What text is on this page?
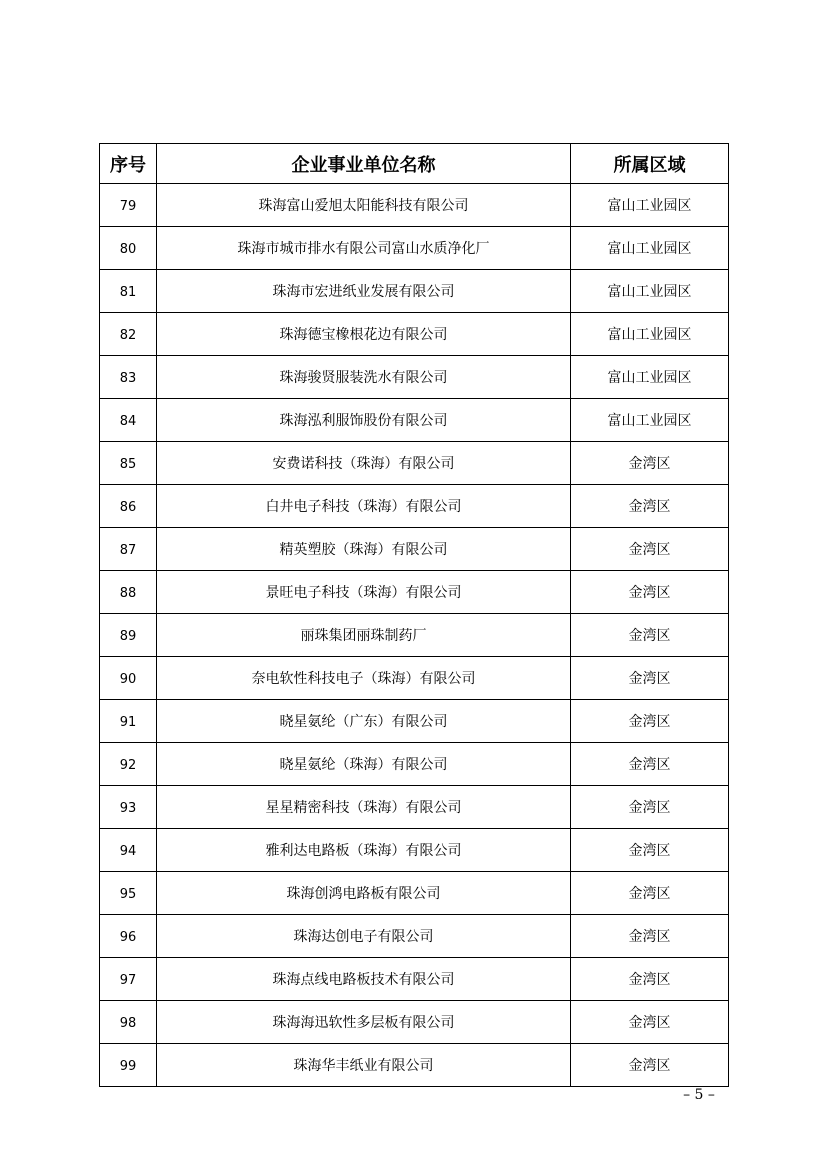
序号	企业事业单位名称	所属区域
79	珠海富山爱旭太阳能科技有限公司	富山工业园区
80	珠海市城市排水有限公司富山水质净化厂	富山工业园区
81	珠海市宏进纸业发展有限公司	富山工业园区
82	珠海德宝橡根花边有限公司	富山工业园区
83	珠海骏贤服装洗水有限公司	富山工业园区
84	珠海泓利服饰股份有限公司	富山工业园区
85	安费诺科技（珠海）有限公司	金湾区
86	白井电子科技（珠海）有限公司	金湾区
87	精英塑胶（珠海）有限公司	金湾区
88	景旺电子科技（珠海）有限公司	金湾区
89	丽珠集团丽珠制药厂	金湾区
90	奈电软性科技电子（珠海）有限公司	金湾区
91	晓星氨纶（广东）有限公司	金湾区
92	晓星氨纶（珠海）有限公司	金湾区
93	星星精密科技（珠海）有限公司	金湾区
94	雅利达电路板（珠海）有限公司	金湾区
95	珠海创鸿电路板有限公司	金湾区
96	珠海达创电子有限公司	金湾区
97	珠海点线电路板技术有限公司	金湾区
98	珠海海迅软性多层板有限公司	金湾区
99	珠海华丰纸业有限公司	金湾区
– 5 –
